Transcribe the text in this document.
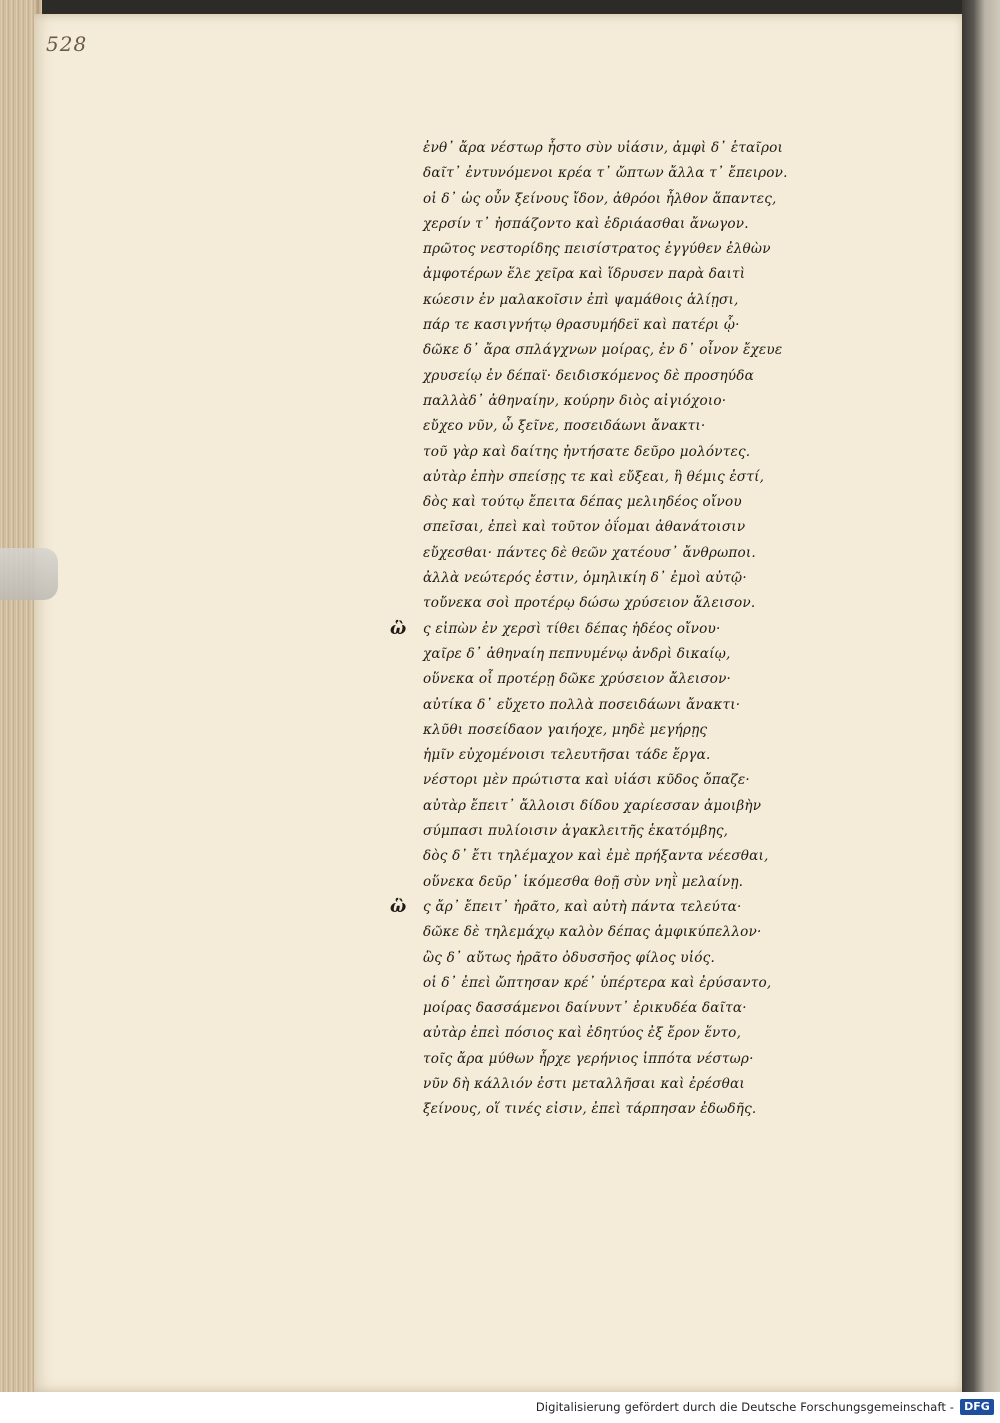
528
ἐνθ᾽ ἄρα νέστωρ ἧστο σὺν υἱάσιν, ἀμφὶ δ᾽ ἑταῖροι
δαῖτ᾽ ἐντυνόμενοι κρέα τ᾽ ὤπτων ἄλλα τ᾽ ἔπειρον.
οἱ δ᾽ ὡς οὖν ξείνους ἴδον, ἀθρόοι ἦλθον ἅπαντες,
χερσίν τ᾽ ἠσπάζοντο καὶ ἑδριάασθαι ἄνωγον.
πρῶτος νεστορίδης πεισίστρατος ἐγγύθεν ἐλθὼν
ἀμφοτέρων ἕλε χεῖρα καὶ ἵδρυσεν παρὰ δαιτὶ
κώεσιν ἐν μαλακοῖσιν ἐπὶ ψαμάθοις ἁλίῃσι,
πάρ τε κασιγνήτῳ θρασυμήδεϊ καὶ πατέρι ᾧ·
δῶκε δ᾽ ἄρα σπλάγχνων μοίρας, ἐν δ᾽ οἶνον ἔχευε
χρυσείῳ ἐν δέπαϊ· δειδισκόμενος δὲ προσηύδα
παλλὰδ᾽ ἀθηναίην, κούρην διὸς αἰγιόχοιο·
εὔχεο νῦν, ὦ ξεῖνε, ποσειδάωνι ἄνακτι·
τοῦ γὰρ καὶ δαίτης ἠντήσατε δεῦρο μολόντες.
αὐτὰρ ἐπὴν σπείσῃς τε καὶ εὔξεαι, ἣ θέμις ἐστί,
δὸς καὶ τούτῳ ἔπειτα δέπας μελιηδέος οἴνου
σπεῖσαι, ἐπεὶ καὶ τοῦτον ὀΐομαι ἀθανάτοισιν
εὔχεσθαι· πάντες δὲ θεῶν χατέουσ᾽ ἄνθρωποι.
ἀλλὰ νεώτερός ἐστιν, ὁμηλικίη δ᾽ ἐμοὶ αὐτῷ·
τοὔνεκα σοὶ προτέρῳ δώσω χρύσειον ἄλεισον.
ὣ ς εἰπὼν ἐν χερσὶ τίθει δέπας ἡδέος οἴνου·
χαῖρε δ᾽ ἀθηναίη πεπνυμένῳ ἀνδρὶ δικαίῳ,
οὕνεκα οἷ προτέρῃ δῶκε χρύσειον ἄλεισον·
αὐτίκα δ᾽ εὔχετο πολλὰ ποσειδάωνι ἄνακτι·
κλῦθι ποσείδαον γαιήοχε, μηδὲ μεγήρῃς
ἡμῖν εὐχομένοισι τελευτῆσαι τάδε ἔργα.
νέστορι μὲν πρώτιστα καὶ υἱάσι κῦδος ὄπαζε·
αὐτὰρ ἔπειτ᾽ ἄλλοισι δίδου χαρίεσσαν ἀμοιβὴν
σύμπασι πυλίοισιν ἀγακλειτῆς ἑκατόμβης,
δὸς δ᾽ ἔτι τηλέμαχον καὶ ἐμὲ πρήξαντα νέεσθαι,
οὕνεκα δεῦρ᾽ ἱκόμεσθα θοῇ σὺν νηῒ μελαίνῃ.
ὣ ς ἄρ᾽ ἔπειτ᾽ ἠρᾶτο, καὶ αὐτὴ πάντα τελεύτα·
δῶκε δὲ τηλεμάχῳ καλὸν δέπας ἀμφικύπελλον·
ὣς δ᾽ αὔτως ἠρᾶτο ὀδυσσῆος φίλος υἱός.
οἱ δ᾽ ἐπεὶ ὤπτησαν κρέ᾽ ὑπέρτερα καὶ ἐρύσαντο,
μοίρας δασσάμενοι δαίνυντ᾽ ἐρικυδέα δαῖτα·
αὐτὰρ ἐπεὶ πόσιος καὶ ἐδητύος ἐξ ἔρον ἕντο,
τοῖς ἄρα μύθων ἦρχε γερήνιος ἱππότα νέστωρ·
νῦν δὴ κάλλιόν ἐστι μεταλλῆσαι καὶ ἐρέσθαι
ξείνους, οἵ τινές εἰσιν, ἐπεὶ τάρπησαν ἐδωδῆς.
Digitalisierung gefördert durch die Deutsche Forschungsgemeinschaft - DFG
